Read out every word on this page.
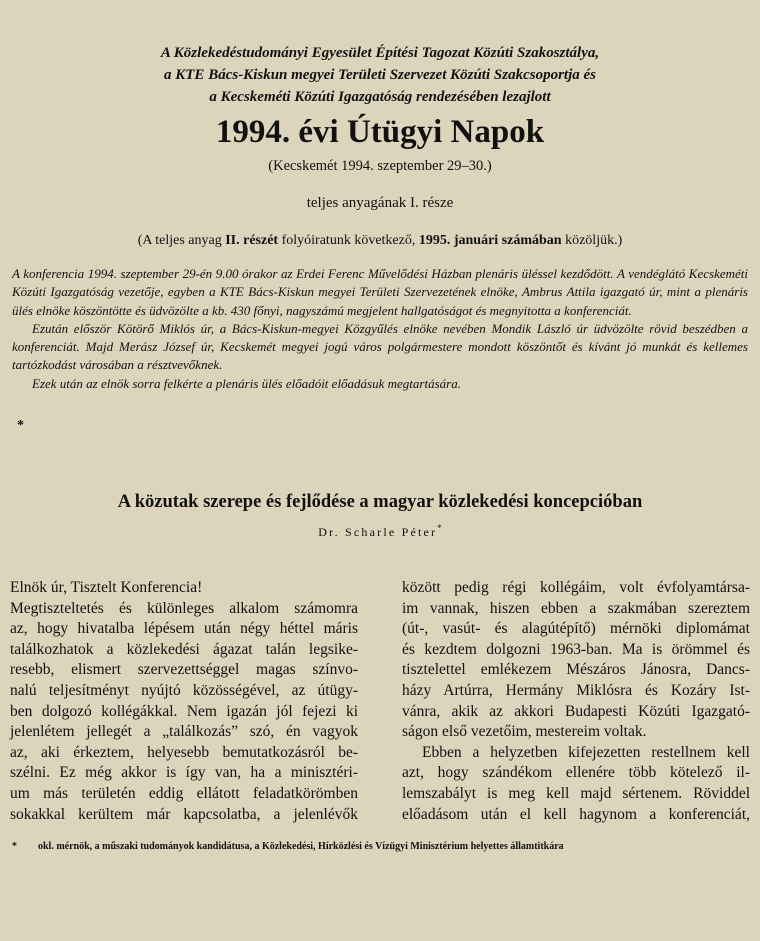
A Közlekedéstudományi Egyesület Építési Tagozat Közúti Szakosztálya,
a KTE Bács-Kiskun megyei Területi Szervezet Közúti Szakcsoportja és
a Kecskeméti Közúti Igazgatóság rendezésében lezajlott
1994. évi Útügyi Napok
(Kecskemét 1994. szeptember 29–30.)
teljes anyagának I. része
(A teljes anyag II. részét folyóiratunk következő, 1995. januári számában közöljük.)

A konferencia 1994. szeptember 29-én 9.00 órakor az Erdei Ferenc Művelődési Házban plenáris üléssel kezdődött. A vendéglátó Kecskeméti Közúti Igazgatóság vezetője, egyben a KTE Bács-Kiskun megyei Területi Szervezetének elnöke, Ambrus Attila igazgató úr, mint a plenáris ülés elnöke köszöntötte és üdvözölte a kb. 430 főnyi, nagyszámú megjelent hallgatóságot és megnyitotta a konferenciát.

Ezután először Kötörő Miklós úr, a Bács-Kiskun-megyei Közgyűlés elnöke nevében Mondik László úr üdvözölte rövid beszédben a konferenciát. Majd Merász József úr, Kecskemét megyei jogú város polgármestere mondott köszöntőt és kívánt jó munkát és kellemes tartózkodást városában a résztvevőknek.

Ezek után az elnök sorra felkérte a plenáris ülés előadóit előadásuk megtartására.

*
A közutak szerepe és fejlődése a magyar közlekedési koncepcióban
Dr. Scharle Péter*

Elnök úr, Tisztelt Konferencia!

Megtiszteltetés és különleges alkalom számomra

az, hogy hivatalba lépésem után négy héttel máris

találkozhatok a közlekedési ágazat talán legsike-

resebb, elismert szervezettséggel magas színvo-

nalú teljesítményt nyújtó közösségével, az útügy-

ben dolgozó kollégákkal. Nem igazán jól fejezi ki

jelenlétem jellegét a „találkozás” szó, én vagyok

az, aki érkeztem, helyesebb bemutatkozásról be-

szélni. Ez még akkor is így van, ha a minisztéri-

um más területén eddig ellátott feladatkörömben

sokakkal kerültem már kapcsolatba, a jelenlévők

között pedig régi kollégáim, volt évfolyamtársa-

im vannak, hiszen ebben a szakmában szereztem

(út-, vasút- és alagútépítő) mérnöki diplomámat

és kezdtem dolgozni 1963-ban. Ma is örömmel és

tisztelettel emlékezem Mészáros Jánosra, Dancs-

házy Artúrra, Hermány Miklósra és Kozáry Ist-

vánra, akik az akkori Budapesti Közúti Igazgató-

ságon első vezetőim, mestereim voltak.

Ebben a helyzetben kifejezetten restellnem kell

azt, hogy szándékom ellenére több kötelező il-

lemszabályt is meg kell majd sértenem. Röviddel

előadásom után el kell hagynom a konferenciát,

* okl. mérnök, a műszaki tudományok kandidátusa, a Közlekedési, Hírközlési és Vízügyi Minisztérium helyettes államtitkára
